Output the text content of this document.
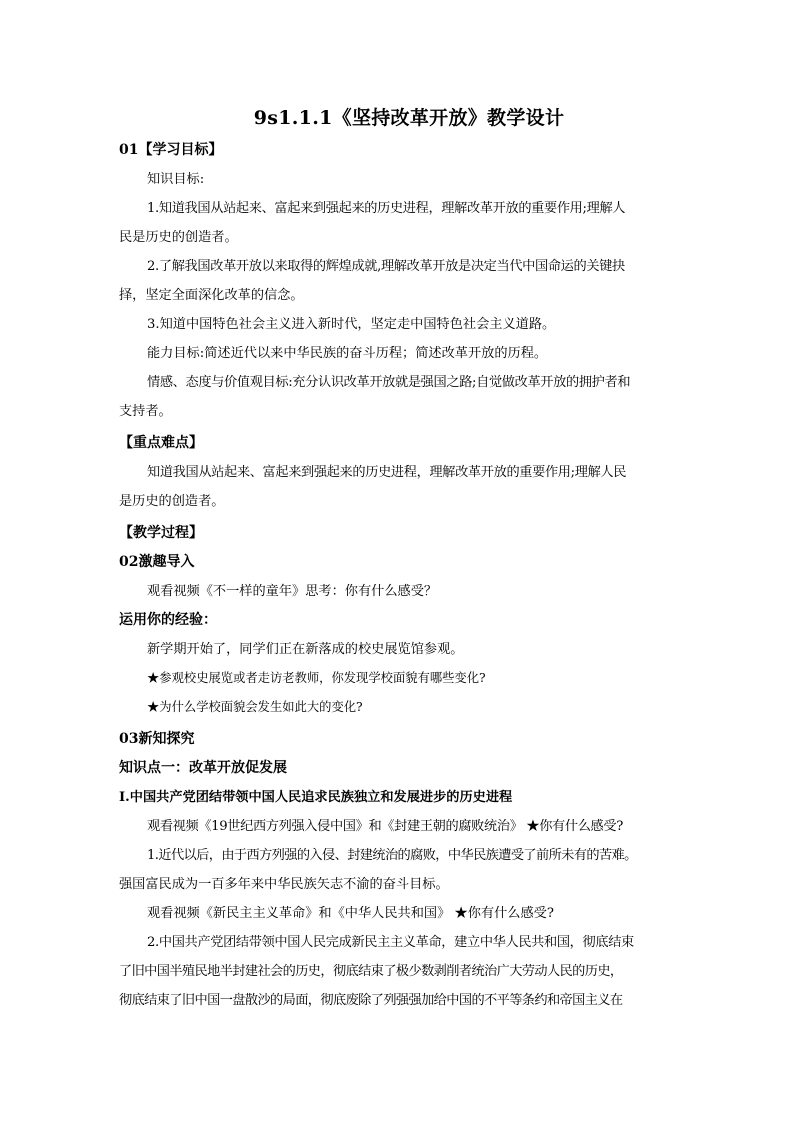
9s1.1.1《坚持改革开放》教学设计
01【学习目标】
知识目标:
1.知道我国从站起来、富起来到强起来的历史进程，理解改革开放的重要作用;理解人
民是历史的创造者。
2.了解我国改革开放以来取得的辉煌成就,理解改革开放是决定当代中国命运的关键抉
择，坚定全面深化改革的信念。
3.知道中国特色社会主义进入新时代，坚定走中国特色社会主义道路。
能力目标:简述近代以来中华民族的奋斗历程；简述改革开放的历程。
情感、态度与价值观目标:充分认识改革开放就是强国之路;自觉做改革开放的拥护者和
支持者。
【重点难点】
知道我国从站起来、富起来到强起来的历史进程，理解改革开放的重要作用;理解人民
是历史的创造者。
【教学过程】
02激趣导入
观看视频《不一样的童年》思考：你有什么感受？
运用你的经验：
新学期开始了，同学们正在新落成的校史展览馆参观。
★参观校史展览或者走访老教师，你发现学校面貌有哪些变化?
★为什么学校面貌会发生如此大的变化?
03新知探究
知识点一：改革开放促发展
Ⅰ.中国共产党团结带领中国人民追求民族独立和发展进步的历史进程
观看视频《19世纪西方列强入侵中国》和《封建王朝的腐败统治》 ★你有什么感受?
1.近代以后，由于西方列强的入侵、封建统治的腐败，中华民族遭受了前所未有的苦难。
强国富民成为一百多年来中华民族矢志不渝的奋斗目标。
观看视频《新民主主义革命》和《中华人民共和国》 ★你有什么感受?
2.中国共产党团结带领中国人民完成新民主主义革命，建立中华人民共和国，彻底结束
了旧中国半殖民地半封建社会的历史，彻底结束了极少数剥削者统治广大劳动人民的历史，
彻底结束了旧中国一盘散沙的局面，彻底废除了列强强加给中国的不平等条约和帝国主义在
